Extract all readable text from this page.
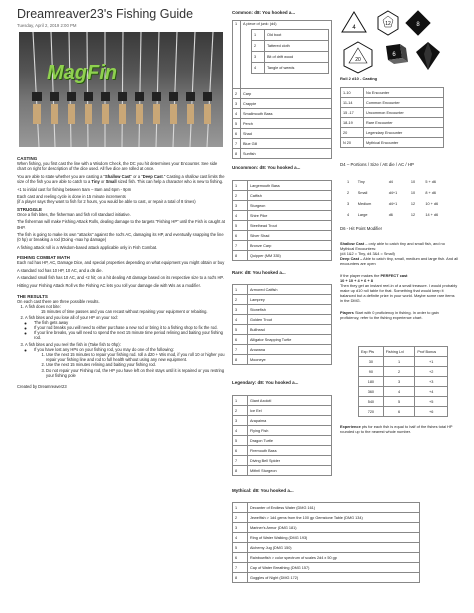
Dreamreaver23's Fishing Guide
Tuesday, April 2, 2019 2:00 PM
MagFin
CASTING

When fishing, you first cast the line with a Wisdom Check, the DC you hit determines your Encounter. See side chart on right for description of the dice used. All five dice are rolled at once.

You are able to state whether you are casting a "Shallow Cast" or a "Deep Cast." Casting a shallow cast limits the size of the fish you are able to catch to a Tiny or Small sized fish. This can help a character who is new to fishing.

+1 to initial cast for fishing between 5am – 8am and 6pm - 9pm

Each cast and reeling cycle is done in 15 minute increments
(if a player says they want to fish for 2 hours, you would be able to cast, or repair a total of 8 times)

STRUGGLE

Once a fish bites, the fisherman and fish roll standard initiative.

The fisherman will make Fishing Attack Rolls, dealing damage to the targets "Fishing HP" until the Fish is caught at 0HP.

The fish is going to make its own "attacks" against the rod's AC, damaging its HP, and eventually snapping the line (0 hp) or breaking a rod (Doing -max hp damage)

A fishing attack roll is a Wisdom-based attack applicable only in Fish Combat.

FISHING COMBAT MATH

Each rod has HP, AC, Damage Dice, and special properties depending on what equipment you might obtain or buy

A standard rod has 10 HP, 10 AC, and a d6 die.

A standard small fish has 10 AC, and +2 hit; on a hit dealing Att damage based on its respective size to a rod's HP.

Hitting your Fishing Attack Roll vs the Fishing AC lets you roll your damage die with Wis as a modifier.

THE RESULTS

On each cast there are three possible results.

1. A fish does not bite:
15 minutes of time passes and you can recast without repairing your equipment or rebaiting.
2. A fish bites and you lose all of your HP on your rod:
◦ The fish gets away
◦ If your rod breaks you will need to either purchase a new rod or bring it to a fishing shop to fix the rod.
◦ If your line breaks, you will need to spend the next 15 minute time period relining and baiting your fishing rod.
3. A fish bites and you reel the fish in (Take fish to 0hp):
◦ If you have lost any HPs on your fishing rod, you may do one of the following:
1. Use the next 15 minutes to repair your fishing rod. roll a d20 + Wis mod, if you roll 10 or higher you repair your fishing line and rod to full health without using any new equipment.
2. Use the next 15 minutes relining and baiting your fishing rod.
3. Do not repair your Fishing rod, the HP you have left on their stays until it is repaired or you restring your fishing pole

Created by Dreamreaver23

Common: d8: You hooked a...
1	A piece of junk: (d4)
1	Old boot
2	Tattered cloth
3	Bit of drift wood
4	Tangle of weeds

2	Carp
3	Crappie
4	Smallmouth Bass
5	Perch
6	Shad
7	Blue Gill
8	Sunfish
Uncommon: d8: You hooked a...
1	Largemouth Bass
2	Catfish
3	Sturgeon
4	Shire Pike
5	Steelhead Trout
6	Silver Shad
7	Bronze Carp
8	Quipper (MM 335)
Rare: d8: You hooked a...
1	Armored Catfish
2	Lamprey
3	Stonefish
4	Golden Trout
5	Bullhead
6	Alligator Snapping Turtle
7	Arowana
8	Mooneye
Legendary: d8: You hooked a...
1	Giant Axolotl
2	Ice Eel
3	Arapaima
4	Flying Fish
5	Dragon Turtle
6	Firemouth Bass
7	Diving Bell Spider
8	Mithril Sturgeon
Mythical: d8: You hooked a...
1	Decanter of Endless Water (DMG 161)
2	Jewelfish > 1d4 gems from the 100 gp Gemstone Table (DMG 134)
3	Mariner's Armor (DMG 181)
4	Ring of Water Walking (DMG 193)
5	Alchemy Jug (DMG 150)
6	Rainbowfish > color spectrum of scales 2d4 x 50 gp
7	Cap of Water Breathing (DMG 157)
8	Goggles of Night (DMG 172)
4
12	8
20
6
Roll 2 d10 - Casting
1-10	No Encounter
11-14	Common Encounter
15 -17	Uncommon Encounter
18-19	Rare Encounter
20	Legendary Encounter
N 20	Mythical Encounter
D4 – Portions / Size / Att die / AC / HP
1	Tiny	d4	10	5 + d6
2	Small	d4+1	10	8 + d6
3	Medium	d4+1	12	10 + d6
4	Large	d6	12	14 + d6
D6 - Hit Point Modifier

Shallow Cast – only able to catch tiny and small fish, and no Mythical Encounters:

(d4 1&2 = Tiny, d4 3&4 = Small)

Deep Cast – Able to catch tiny, small, medium and large fish. And all encounters are open

If the player makes the PERFECT cast

10 + 10 + 4 + 6 + 8

Then they get an instant reel-in of a small treasure. I would probably make up d10 roll table for that. Something that would keep it balanced but a definite prize in your world. Maybe some rare items in the DMG.

Players Start with 0 proficiency in fishing. In order to gain proficiency, refer to the fishing experience chart.

Exp Pts	Fishing Lvl	Prof Bonus
30	1	+1
90	2	+2
180	3	+3
360	4	+4
540	5	+5
720	6	+6

Experience pts for each fish is equal to half of the fishes total HP rounded up to the nearest whole number.
